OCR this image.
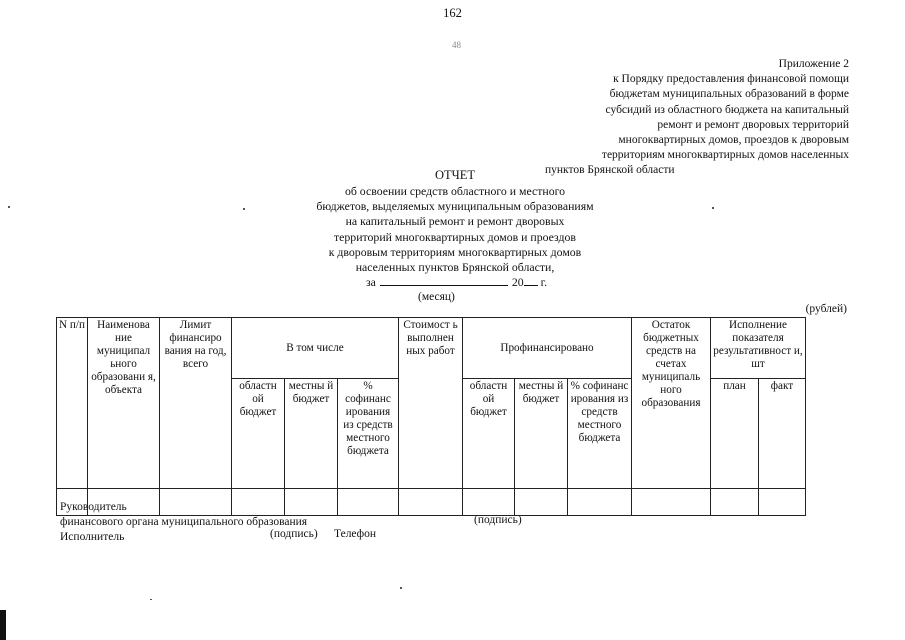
162
48
Приложение 2
к Порядку предоставления финансовой помощи
бюджетам муниципальных образований в форме
субсидий из областного бюджета на капитальный
ремонт и ремонт дворовых территорий
многоквартирных домов, проездов к дворовым
территориям многоквартирных домов населенных
пунктов Брянской области
ОТЧЕТ
об освоении средств областного и местного
бюджетов, выделяемых муниципальным образованиям
на капитальный ремонт и ремонт дворовых
территорий многоквартирных домов и проездов
к дворовым территориям многоквартирных домов
населенных пунктов Брянской области,
за	20 г.
(месяц)
(рублей)
N п/п	Наименова ние муниципал ьного образовани я, объекта	Лимит финансиро вания на год, всего	В том числе			Стоимост ь выполнен ных работ	Профинансировано			Остаток бюджетных средств на счетах муниципаль ного образования	Исполнение показателя результативност и, шт	
			областн ой бюджет	местны й бюджет	% софинанс ирования из средств местного бюджета		областн ой бюджет	местны й бюджет	% софинанс ирования из средств местного бюджета		план	факт

Руководитель
финансового органа муниципального образования
Исполнитель
(подпись)
(подпись) Телефон
